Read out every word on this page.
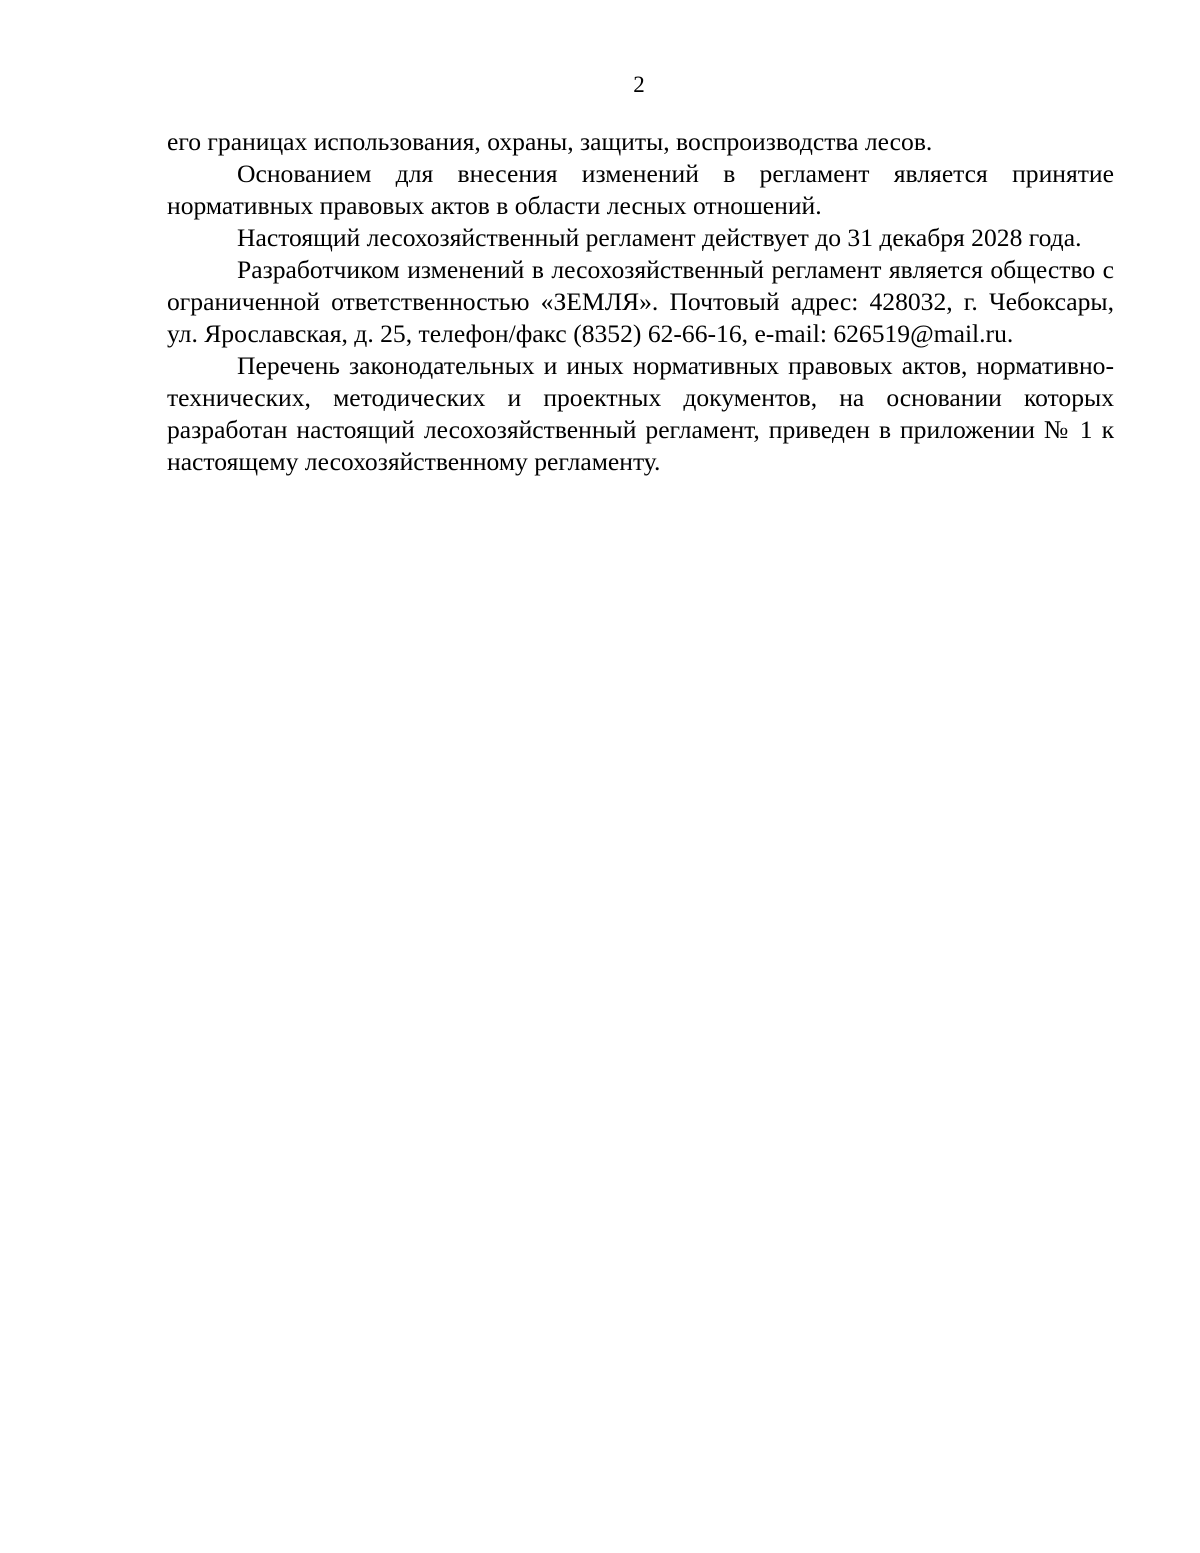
2

его границах использования, охраны, защиты, воспроизводства лесов.

Основанием для внесения изменений в регламент является принятие нормативных правовых актов в области лесных отношений.

Настоящий лесохозяйственный регламент действует до 31 декабря 2028 года.

Разработчиком изменений в лесохозяйственный регламент является общество с ограниченной ответственностью «ЗЕМЛЯ». Почтовый адрес: 428032, г. Чебоксары, ул. Ярославская, д. 25, телефон/факс (8352) 62-66-16, e-mail: 626519@mail.ru.

Перечень законодательных и иных нормативных правовых актов, нормативно-технических, методических и проектных документов, на основании которых разработан настоящий лесохозяйственный регламент, приведен в приложении № 1 к настоящему лесохозяйственному регламенту.
